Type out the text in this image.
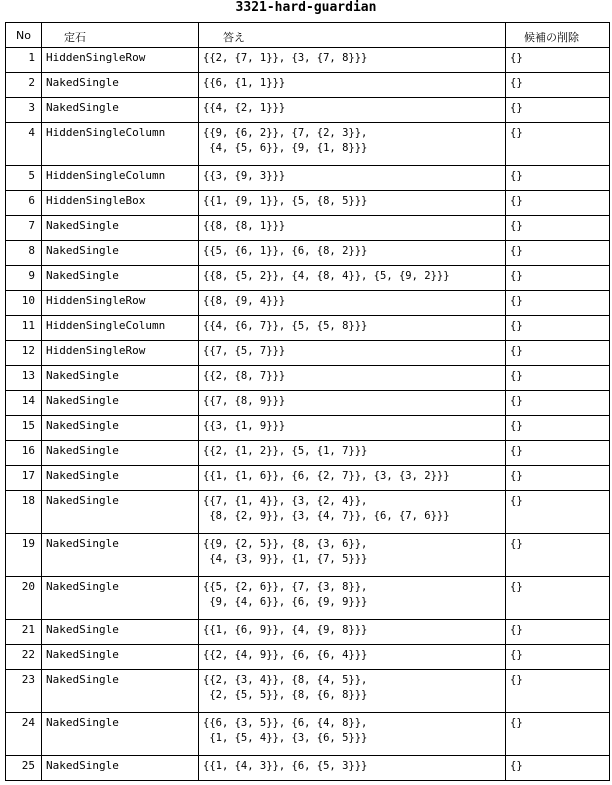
3321-hard-guardian
No	定石	答え	候補の削除
1	HiddenSingleRow	{{2, {7, 1}}, {3, {7, 8}}}	{}
2	NakedSingle	{{6, {1, 1}}}	{}
3	NakedSingle	{{4, {2, 1}}}	{}
4	HiddenSingleColumn	{{9, {6, 2}}, {7, {2, 3}},
{4, {5, 6}}, {9, {1, 8}}}	{}
5	HiddenSingleColumn	{{3, {9, 3}}}	{}
6	HiddenSingleBox	{{1, {9, 1}}, {5, {8, 5}}}	{}
7	NakedSingle	{{8, {8, 1}}}	{}
8	NakedSingle	{{5, {6, 1}}, {6, {8, 2}}}	{}
9	NakedSingle	{{8, {5, 2}}, {4, {8, 4}}, {5, {9, 2}}}	{}
10	HiddenSingleRow	{{8, {9, 4}}}	{}
11	HiddenSingleColumn	{{4, {6, 7}}, {5, {5, 8}}}	{}
12	HiddenSingleRow	{{7, {5, 7}}}	{}
13	NakedSingle	{{2, {8, 7}}}	{}
14	NakedSingle	{{7, {8, 9}}}	{}
15	NakedSingle	{{3, {1, 9}}}	{}
16	NakedSingle	{{2, {1, 2}}, {5, {1, 7}}}	{}
17	NakedSingle	{{1, {1, 6}}, {6, {2, 7}}, {3, {3, 2}}}	{}
18	NakedSingle	{{7, {1, 4}}, {3, {2, 4}},
{8, {2, 9}}, {3, {4, 7}}, {6, {7, 6}}}	{}
19	NakedSingle	{{9, {2, 5}}, {8, {3, 6}},
{4, {3, 9}}, {1, {7, 5}}}	{}
20	NakedSingle	{{5, {2, 6}}, {7, {3, 8}},
{9, {4, 6}}, {6, {9, 9}}}	{}
21	NakedSingle	{{1, {6, 9}}, {4, {9, 8}}}	{}
22	NakedSingle	{{2, {4, 9}}, {6, {6, 4}}}	{}
23	NakedSingle	{{2, {3, 4}}, {8, {4, 5}},
{2, {5, 5}}, {8, {6, 8}}}	{}
24	NakedSingle	{{6, {3, 5}}, {6, {4, 8}},
{1, {5, 4}}, {3, {6, 5}}}	{}
25	NakedSingle	{{1, {4, 3}}, {6, {5, 3}}}	{}
